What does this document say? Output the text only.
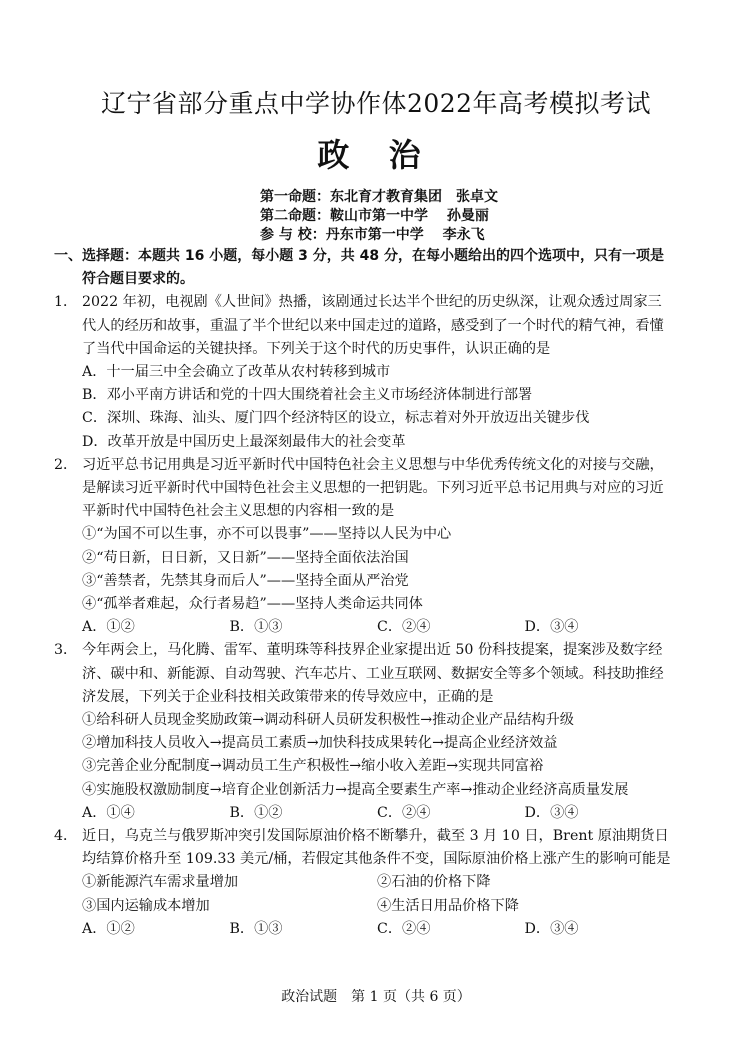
辽宁省部分重点中学协作体2022年高考模拟考试
政 治
第一命题：东北育才教育集团　张卓文
第二命题：鞍山市第一中学　 孙曼丽
参 与 校：丹东市第一中学　 李永飞
一、 选择题：本题共 16 小题，每小题 3 分，共 48 分，在每小题给出的四个选项中，只有一项是符合题目要求的。
1． 2022 年初，电视剧《人世间》热播，该剧通过长达半个世纪的历史纵深，让观众透过周家三代人的经历和故事，重温了半个世纪以来中国走过的道路，感受到了一个时代的精气神，看懂了当代中国命运的关键抉择。下列关于这个时代的历史事件，认识正确的是
A．十一届三中全会确立了改革从农村转移到城市
B．邓小平南方讲话和党的十四大围绕着社会主义市场经济体制进行部署
C．深圳、珠海、汕头、厦门四个经济特区的设立，标志着对外开放迈出关键步伐
D．改革开放是中国历史上最深刻最伟大的社会变革
2． 习近平总书记用典是习近平新时代中国特色社会主义思想与中华优秀传统文化的对接与交融，是解读习近平新时代中国特色社会主义思想的一把钥匙。下列习近平总书记用典与对应的习近平新时代中国特色社会主义思想的内容相一致的是
①“为国不可以生事，亦不可以畏事”——坚持以人民为中心
②“苟日新，日日新，又日新”——坚持全面依法治国
③“善禁者，先禁其身而后人”——坚持全面从严治党
④“孤举者难起，众行者易趋”——坚持人类命运共同体
A．①②	B．①③	C．②④	D．③④
3． 今年两会上，马化腾、雷军、董明珠等科技界企业家提出近 50 份科技提案，提案涉及数字经济、碳中和、新能源、自动驾驶、汽车芯片、工业互联网、数据安全等多个领域。科技助推经济发展，下列关于企业科技相关政策带来的传导效应中，正确的是
①给科研人员现金奖励政策→调动科研人员研发积极性→推动企业产品结构升级
②增加科技人员收入→提高员工素质→加快科技成果转化→提高企业经济效益
③完善企业分配制度→调动员工生产积极性→缩小收入差距→实现共同富裕
④实施股权激励制度→培育企业创新活力→提高全要素生产率→推动企业经济高质量发展
A．①④	B．①②	C．②④	D．③④
4． 近日，乌克兰与俄罗斯冲突引发国际原油价格不断攀升，截至 3 月 10 日，Brent 原油期货日均结算价格升至 109.33 美元/桶，若假定其他条件不变，国际原油价格上涨产生的影响可能是
①新能源汽车需求量增加	②石油的价格下降
③国内运输成本增加	④生活日用品价格下降
A．①②	B．①③	C．②④	D．③④
政治试题　第 1 页（共 6 页）
